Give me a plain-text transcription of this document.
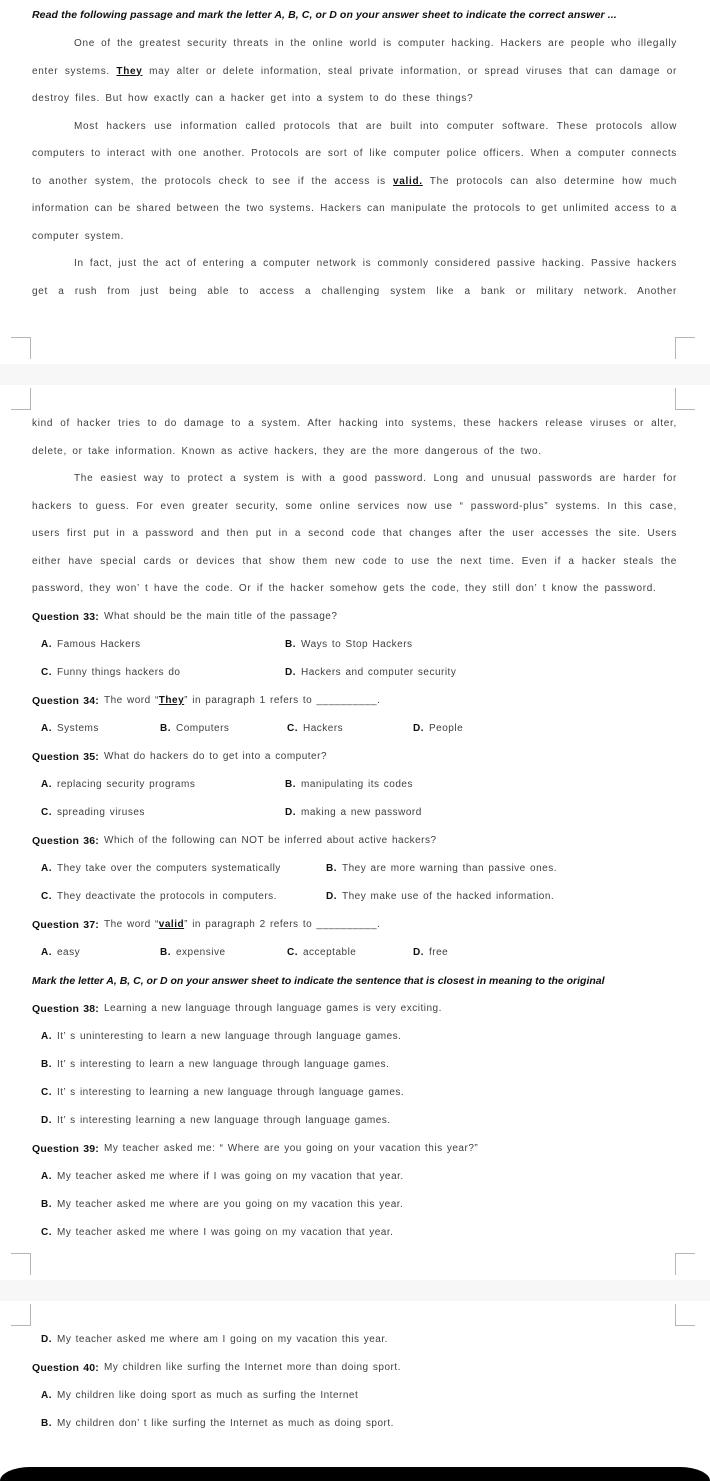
Read the following passage and mark the letter A, B, C, or D on your answer sheet to indicate the correct answer ...

One of the greatest security threats in the online world is computer hacking. Hackers are people who illegally enter systems. They may alter or delete information, steal private information, or spread viruses that can damage or destroy files. But how exactly can a hacker get into a system to do these things?

Most hackers use information called protocols that are built into computer software. These protocols allow computers to interact with one another. Protocols are sort of like computer police officers. When a computer connects to another system, the protocols check to see if the access is valid. The protocols can also determine how much information can be shared between the two systems. Hackers can manipulate the protocols to get unlimited access to a computer system.

In fact, just the act of entering a computer network is commonly considered passive hacking. Passive hackers get a rush from just being able to access a challenging system like a bank or military network. Another

kind of hacker tries to do damage to a system. After hacking into systems, these hackers release viruses or alter, delete, or take information. Known as active hackers, they are the more dangerous of the two.

The easiest way to protect a system is with a good password. Long and unusual passwords are harder for hackers to guess. For even greater security, some online services now use “ password-plus” systems. In this case, users first put in a password and then put in a second code that changes after the user accesses the site. Users either have special cards or devices that show them new code to use the next time. Even if a hacker steals the password, they won’ t have the code. Or if the hacker somehow gets the code, they still don’ t know the password.

Question 33: What should be the main title of the passage?
A. Famous Hackers	B. Ways to Stop Hackers
C. Funny things hackers do	D. Hackers and computer security
Question 34: The word “ They ” in paragraph 1 refers to __________.
A. Systems	B. Computers	C. Hackers	D. People
Question 35: What do hackers do to get into a computer?
A. replacing security programs	B. manipulating its codes
C. spreading viruses	D. making a new password
Question 36: Which of the following can NOT be inferred about active hackers?
A. They take over the computers systematically	B. They are more warning than passive ones.
C. They deactivate the protocols in computers.	D. They make use of the hacked information.
Question 37: The word “ valid ” in paragraph 2 refers to __________.
A. easy	B. expensive	C. acceptable	D. free
Mark the letter A, B, C, or D on your answer sheet to indicate the sentence that is closest in meaning to the original
Question 38: Learning a new language through language games is very exciting.
A. It’ s uninteresting to learn a new language through language games.
B. It’ s interesting to learn a new language through language games.
C. It’ s interesting to learning a new language through language games.
D. It’ s interesting learning a new language through language games.
Question 39: My teacher asked me: “ Where are you going on your vacation this year?”
A. My teacher asked me where if I was going on my vacation that year.
B. My teacher asked me where are you going on my vacation this year.
C. My teacher asked me where I was going on my vacation that year.
D. My teacher asked me where am I going on my vacation this year.
Question 40: My children like surfing the Internet more than doing sport.
A. My children like doing sport as much as surfing the Internet
B. My children don’ t like surfing the Internet as much as doing sport.
